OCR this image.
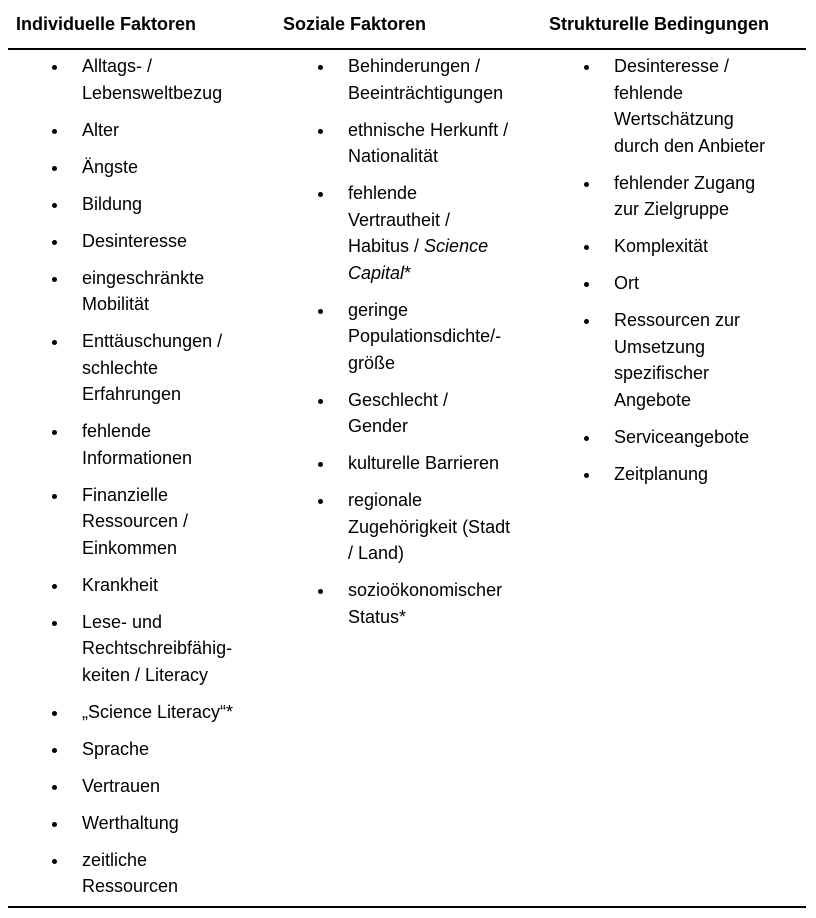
Individuelle Faktoren	Soziale Faktoren	Strukturelle Bedingungen
Alltags- /
Lebensweltbezug
Alter
Ängste
Bildung
Desinteresse
eingeschränkte
Mobilität
Enttäuschungen /
schlechte
Erfahrungen
fehlende
Informationen
Finanzielle
Ressourcen /
Einkommen
Krankheit
Lese- und
Rechtschreibfähig-
keiten / Literacy
„Science Literacy“*
Sprache
Vertrauen
Werthaltung
zeitliche
Ressourcen
Behinderungen /
Beeinträchtigungen
ethnische Herkunft /
Nationalität
fehlende
Vertrautheit /
Habitus / Science
Capital*
geringe
Populationsdichte/-
größe
Geschlecht /
Gender
kulturelle Barrieren
regionale
Zugehörigkeit (Stadt
/ Land)
sozioökonomischer
Status*
Desinteresse /
fehlende
Wertschätzung
durch den Anbieter
fehlender Zugang
zur Zielgruppe
Komplexität
Ort
Ressourcen zur
Umsetzung
spezifischer
Angebote
Serviceangebote
Zeitplanung
